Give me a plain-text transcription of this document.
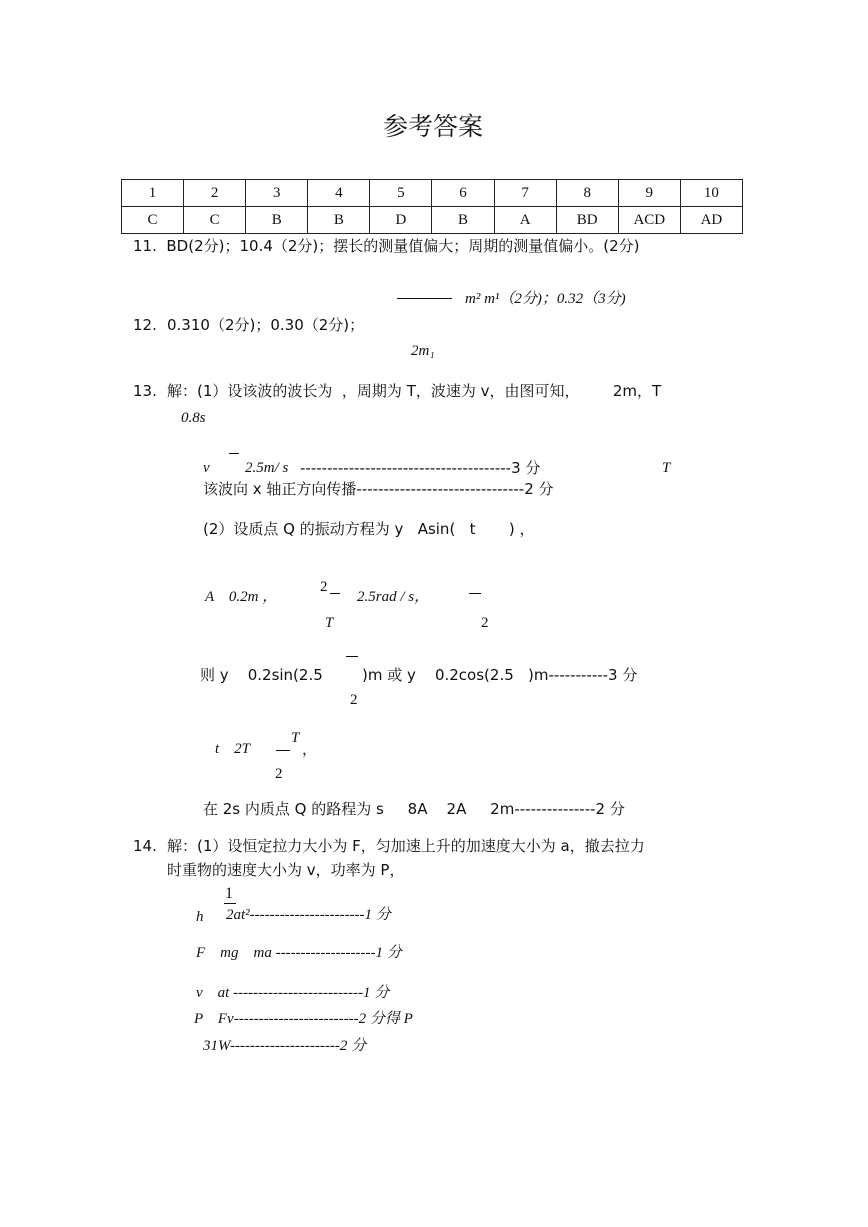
参考答案
1	2	3	4	5	6	7	8	9	10
C	C	B	B	D	B	A	BD	ACD	AD
11.  BD(2分)；10.4（2分)；摆长的测量值偏大；周期的测量值偏小。(2分)
m² m¹（2分)；0.32（3分)
12. 0.310（2分)；0.30（2分)；
2m₁
13. 解：(1）设该波的波长为  ，周期为 T，波速为 v，由图可知，       2m，T
0.8s
v 2.5m/ s ---------------------------------------3 分	T
该波向 x 轴正方向传播-------------------------------2 分
(2）设质点 Q 的振动方程为 y   Asin(   t       ) ，
A    0.2m ，
2
2.5rad / s，
T	2
则 y    0.2sin(2.5	)m 或 y    0.2cos(2.5   )m-----------3 分
2
T
t    2T	，
2
在 2s 内质点 Q 的路程为 s     8A    2A     2m---------------2 分
14. 解：(1）设恒定拉力大小为 F，匀加速上升的加速度大小为 a，撤去拉力
时重物的速度大小为 v，功率为 P，
1
h 2at²-----------------------1 分
F    mg    ma --------------------1 分
v    at --------------------------1 分
P    Fv-------------------------2 分得 P
31W----------------------2 分
